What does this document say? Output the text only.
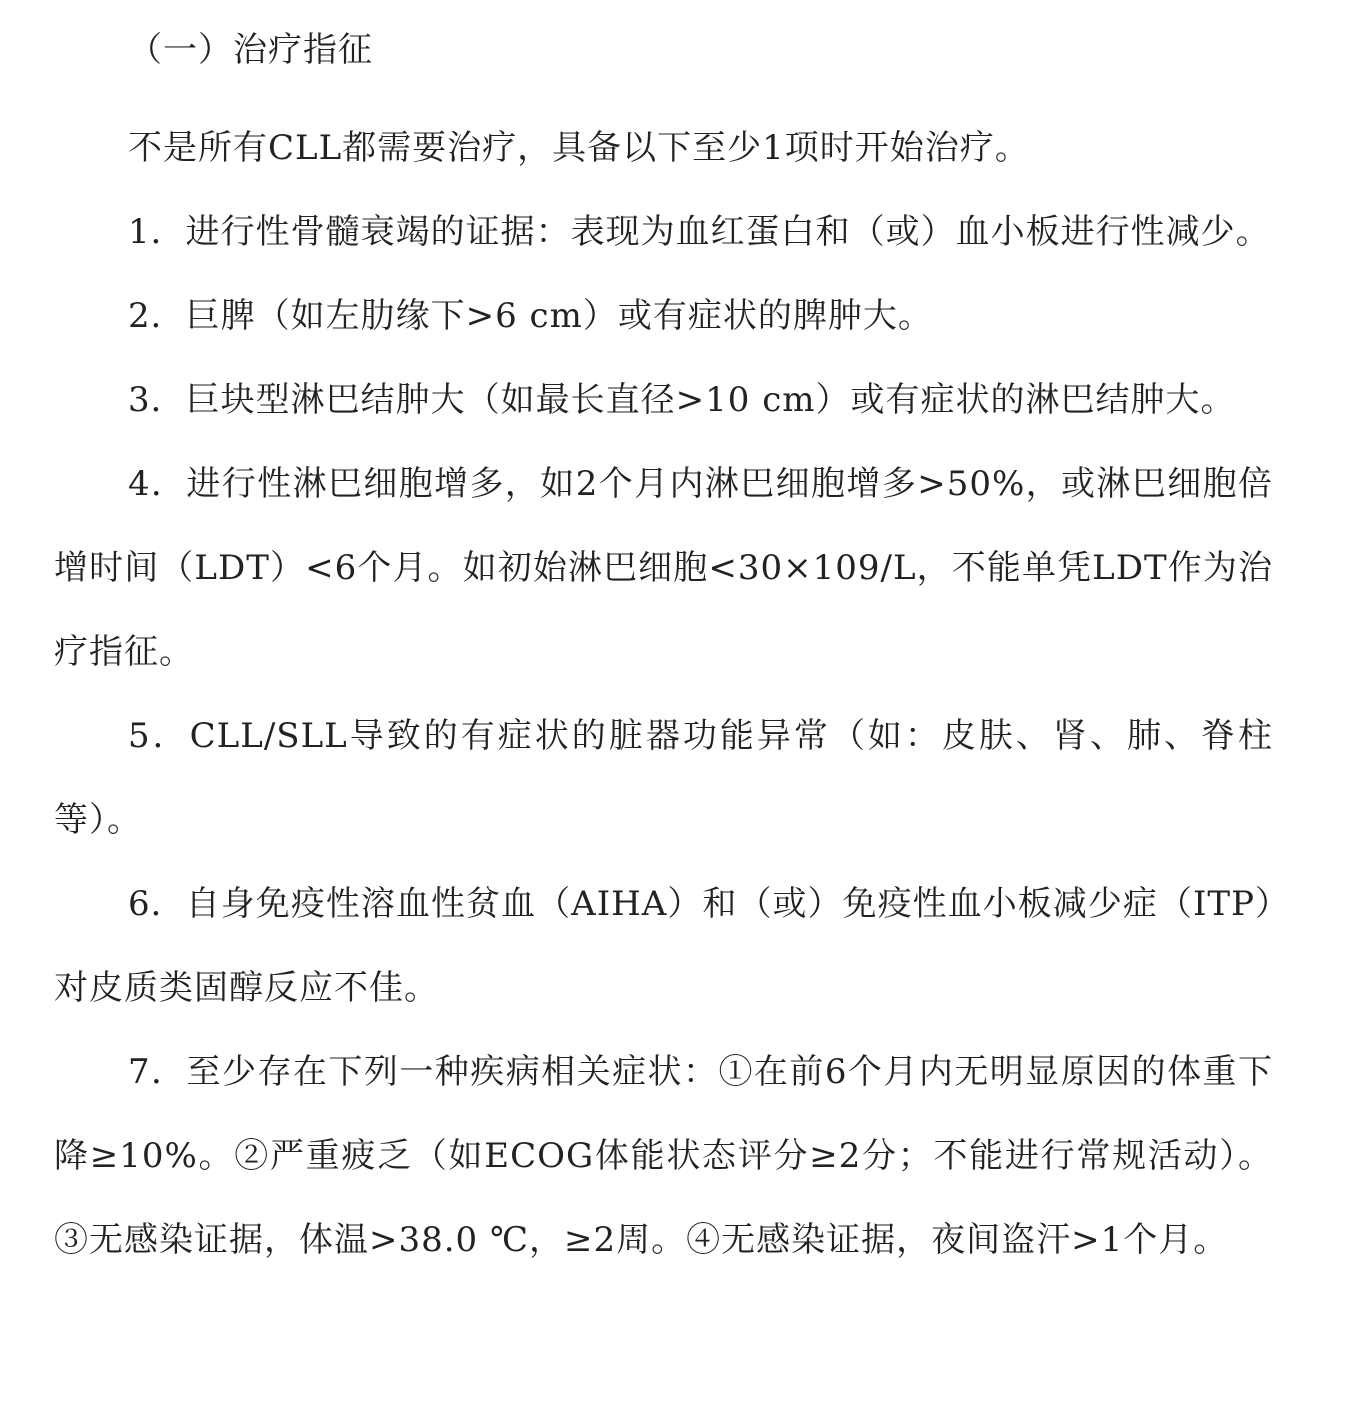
（一）治疗指征

不是所有CLL都需要治疗，具备以下至少1项时开始治疗。

1．进行性骨髓衰竭的证据：表现为血红蛋白和（或）血小板进行性减少。

2．巨脾（如左肋缘下>6 cm）或有症状的脾肿大。

3．巨块型淋巴结肿大（如最长直径>10 cm）或有症状的淋巴结肿大。

4．进行性淋巴细胞增多，如2个月内淋巴细胞增多>50%，或淋巴细胞倍增时间（LDT）<6个月。如初始淋巴细胞<30×109/L，不能单凭LDT作为治疗指征。

5．CLL/SLL导致的有症状的脏器功能异常（如：皮肤、肾、肺、脊柱等）。

6．自身免疫性溶血性贫血（AIHA）和（或）免疫性血小板减少症（ITP）对皮质类固醇反应不佳。

7．至少存在下列一种疾病相关症状：①在前6个月内无明显原因的体重下降≥10%。②严重疲乏（如ECOG体能状态评分≥2分；不能进行常规活动）。③无感染证据，体温>38.0 ℃，≥2周。④无感染证据，夜间盗汗>1个月。
